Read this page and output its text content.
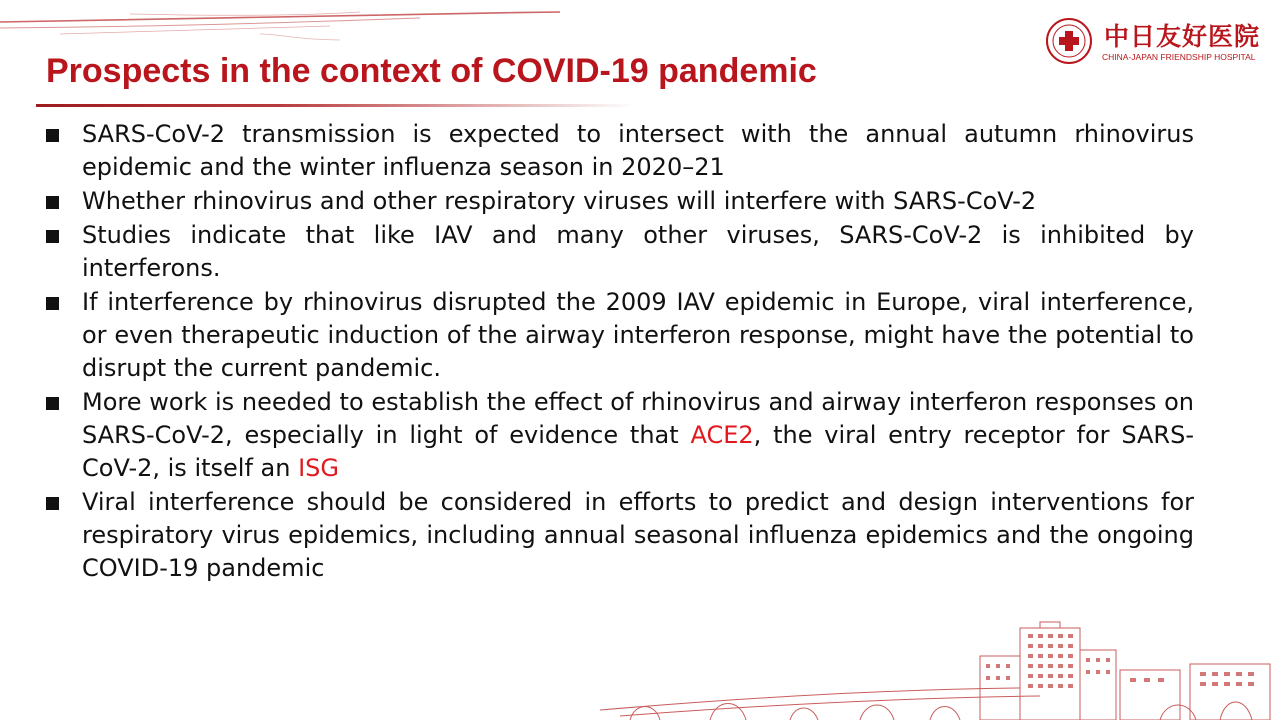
Prospects in the context of COVID-19 pandemic

中日友好医院

CHINA-JAPAN FRIENDSHIP HOSPITAL

SARS-CoV-2 transmission is expected to intersect with the annual autumn rhinovirus epidemic and the winter influenza season in 2020–21
Whether rhinovirus and other respiratory viruses will interfere with SARS-CoV-2
Studies indicate that like IAV and many other viruses, SARS-CoV-2 is inhibited by interferons.
If interference by rhinovirus disrupted the 2009 IAV epidemic in Europe, viral interference, or even therapeutic induction of the airway interferon response, might have the potential to disrupt the current pandemic.
More work is needed to establish the effect of rhinovirus and airway interferon responses on SARS-CoV-2, especially in light of evidence that ACE2, the viral entry receptor for SARS-CoV-2, is itself an ISG
Viral interference should be considered in efforts to predict and design interventions for respiratory virus epidemics, including annual seasonal influenza epidemics and the ongoing COVID-19 pandemic
